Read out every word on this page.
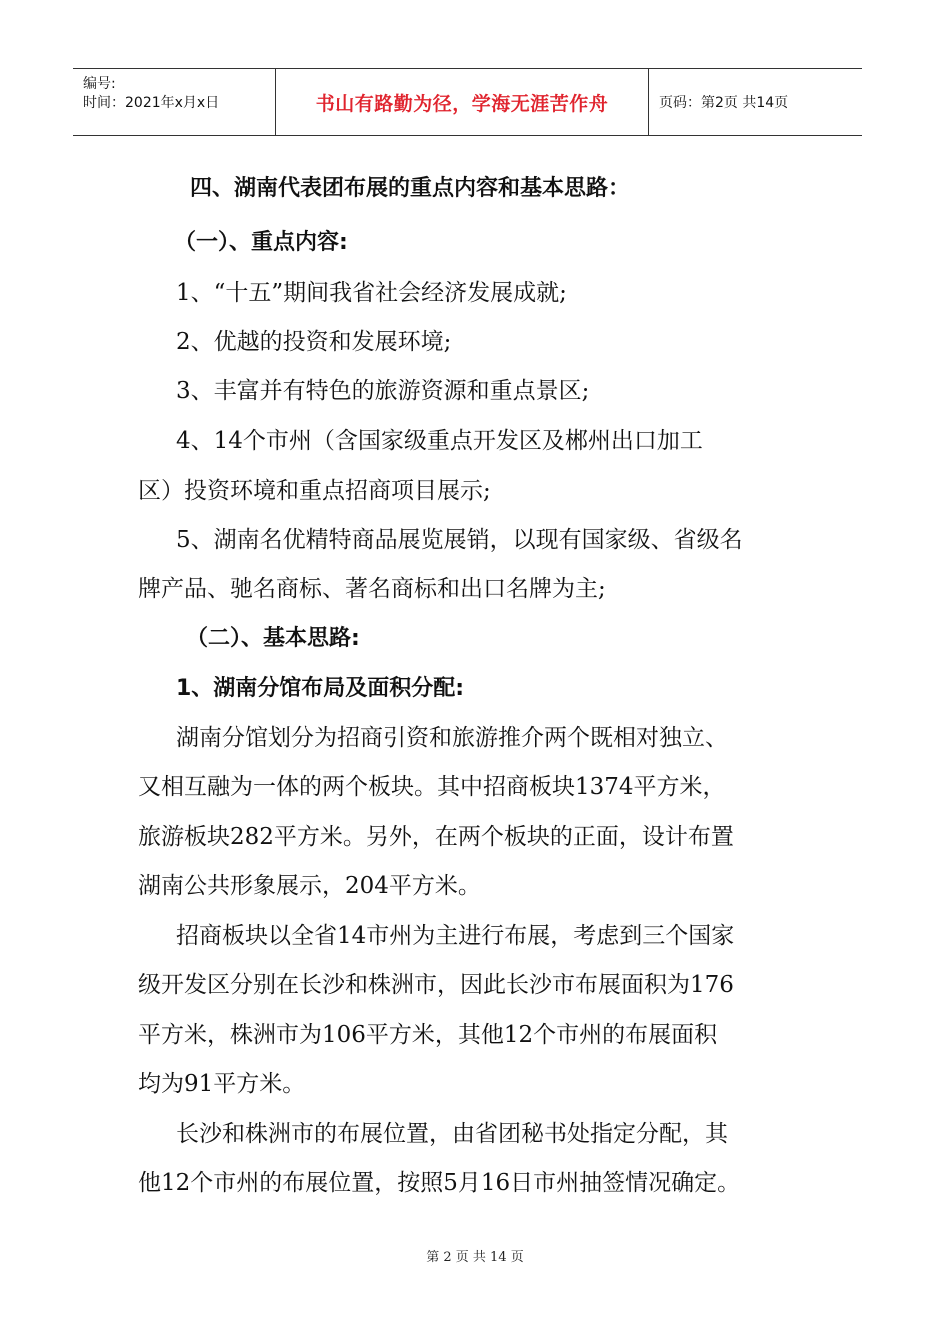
编号:
时间：2021年x月x日	书山有路勤为径，学海无涯苦作舟	页码：第2页 共14页
四、湖南代表团布展的重点内容和基本思路：
（一）、重点内容:
1、“十五”期间我省社会经济发展成就;
2、优越的投资和发展环境;
3、丰富并有特色的旅游资源和重点景区;
4、14个市州（含国家级重点开发区及郴州出口加工
区）投资环境和重点招商项目展示;
5、湖南名优精特商品展览展销，以现有国家级、省级名
牌产品、驰名商标、著名商标和出口名牌为主;
（二）、基本思路:
1、湖南分馆布局及面积分配:
湖南分馆划分为招商引资和旅游推介两个既相对独立、
又相互融为一体的两个板块。其中招商板块1374平方米，
旅游板块282平方米。另外，在两个板块的正面，设计布置
湖南公共形象展示，204平方米。
招商板块以全省14市州为主进行布展，考虑到三个国家
级开发区分别在长沙和株洲市，因此长沙市布展面积为176
平方米，株洲市为106平方米，其他12个市州的布展面积
均为91平方米。
长沙和株洲市的布展位置，由省团秘书处指定分配，其
他12个市州的布展位置，按照5月16日市州抽签情况确定。
第 2 页 共 14 页
